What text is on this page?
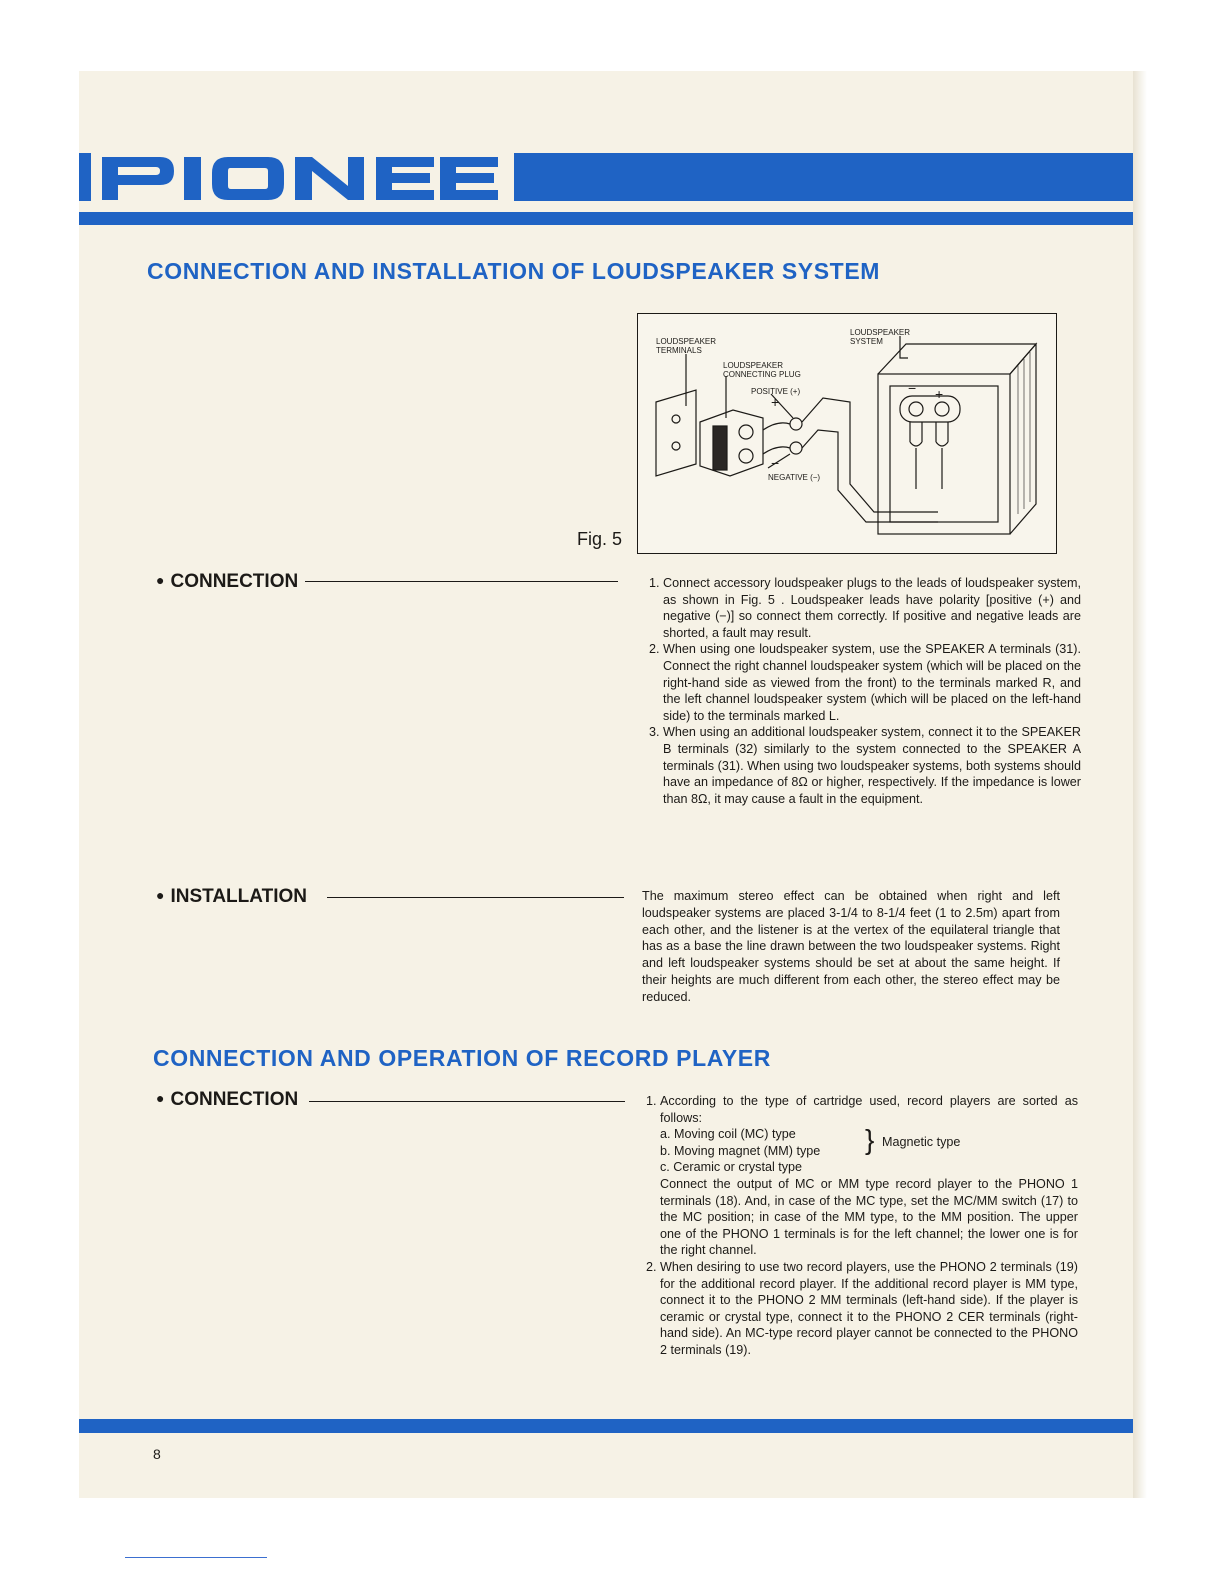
CONNECTION AND INSTALLATION OF LOUDSPEAKER SYSTEM
Fig. 5
LOUDSPEAKER TERMINALS
LOUDSPEAKER CONNECTING PLUG
LOUDSPEAKER SYSTEM
POSITIVE (+)
NEGATIVE (−)
+
−
− +
● CONNECTION	1. Connect accessory loudspeaker plugs to the leads of loudspeaker system, as shown in Fig. 5 . Loudspeaker leads have polarity [positive (+) and negative (−)] so connect them correctly. If positive and negative leads are shorted, a fault may result.
2. When using one loudspeaker system, use the SPEAKER A terminals (31). Connect the right channel loudspeaker system (which will be placed on the right-hand side as viewed from the front) to the terminals marked R, and the left channel loudspeaker system (which will be placed on the left-hand side) to the terminals marked L.
3. When using an additional loudspeaker system, connect it to the SPEAKER B terminals (32) similarly to the system connected to the SPEAKER A terminals (31). When using two loudspeaker systems, both systems should have an impedance of 8Ω or higher, respectively. If the impedance is lower than 8Ω, it may cause a fault in the equipment.
● INSTALLATION	The maximum stereo effect can be obtained when right and left loudspeaker systems are placed 3-1/4 to 8-1/4 feet (1 to 2.5m) apart from each other, and the listener is at the vertex of the equilateral triangle that has as a base the line drawn between the two loudspeaker systems. Right and left loudspeaker systems should be set at about the same height. If their heights are much different from each other, the stereo effect may be reduced.

CONNECTION AND OPERATION OF RECORD PLAYER
● CONNECTION	1. According to the type of cartridge used, record players are sorted as follows:
a. Moving coil (MC) type
b. Moving magnet (MM) type	} Magnetic type
c. Ceramic or crystal type
Connect the output of MC or MM type record player to the PHONO 1 terminals (18). And, in case of the MC type, set the MC/MM switch (17) to the MC position; in case of the MM type, to the MM position. The upper one of the PHONO 1 terminals is for the left channel; the lower one is for the right channel.
2. When desiring to use two record players, use the PHONO 2 terminals (19) for the additional record player. If the additional record player is MM type, connect it to the PHONO 2 MM terminals (left-hand side). If the player is ceramic or crystal type, connect it to the PHONO 2 CER terminals (right-hand side). An MC-type record player cannot be connected to the PHONO 2 terminals (19).
8
